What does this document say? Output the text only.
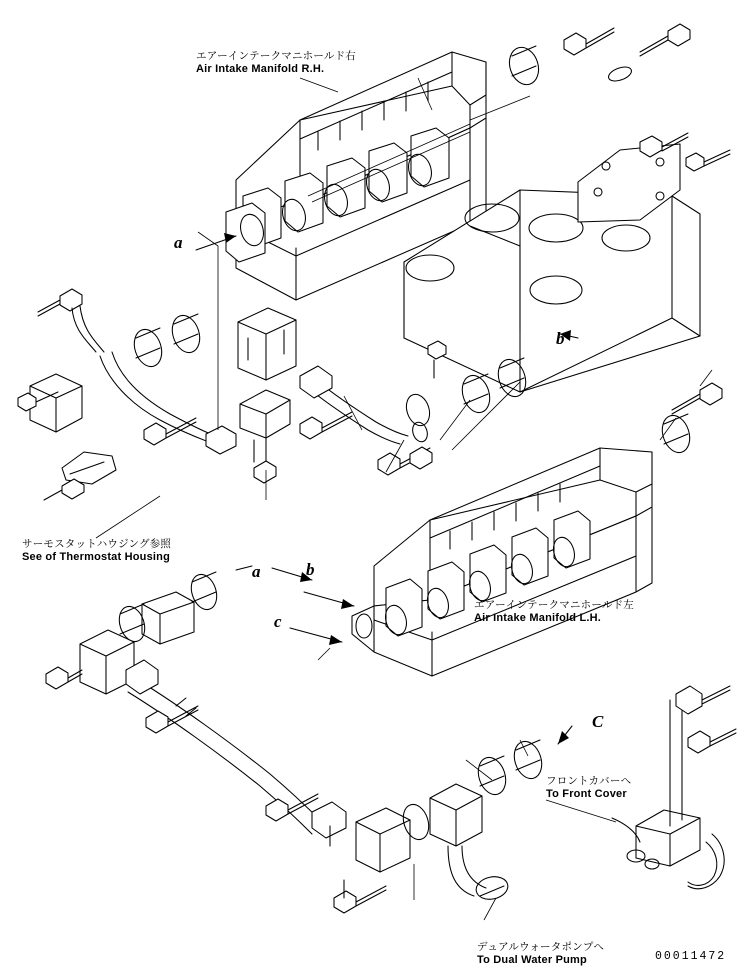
エアーインテークマニホールド右
Air Intake Manifold R.H.
サーモスタットハウジング参照
See of Thermostat Housing
エアーインテークマニホールド左
Air Intake Manifold L.H.
フロントカバーへ
To Front Cover
デュアルウォータポンプへ
To Dual Water Pump
a
b
a	b
c
C
00011472
